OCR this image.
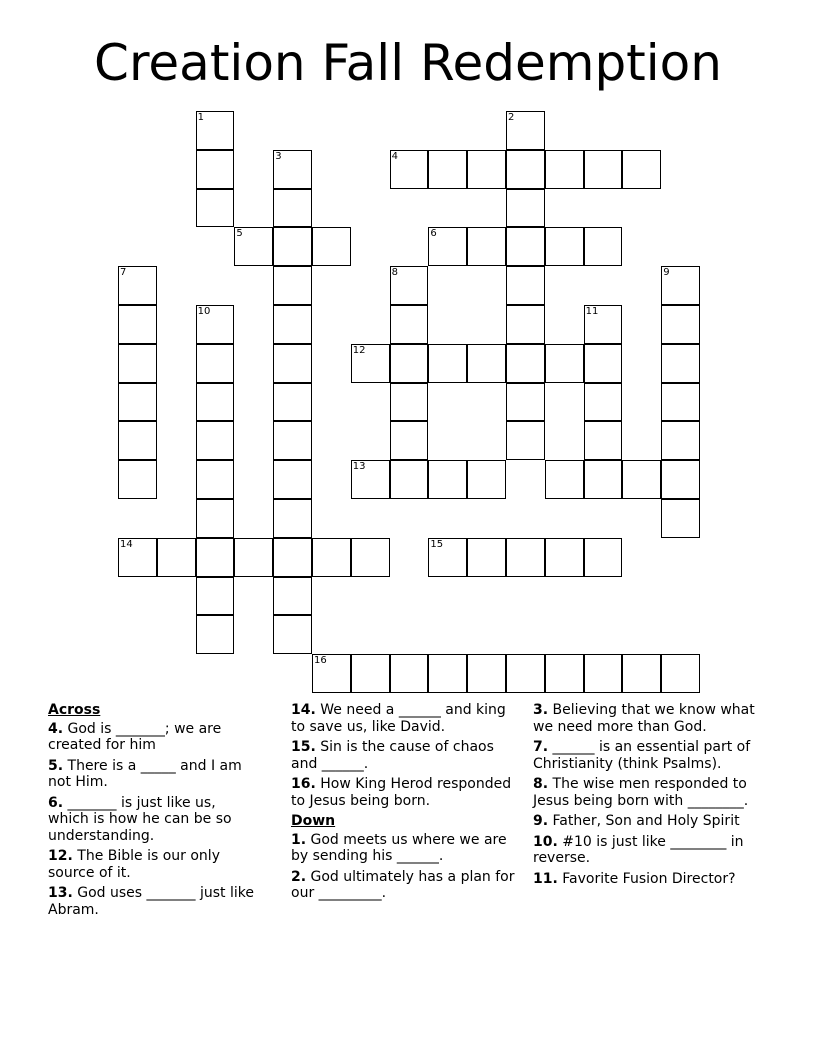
Creation Fall Redemption
1	2
3	4
5	6
7	8	9
10	11
12
13
14	15
16
Across
4. God is _______; we are created for him
5. There is a _____ and I am not Him.
6. _______ is just like us, which is how he can be so understanding.
12. The Bible is our only source of it.
13. God uses _______ just like Abram.
14. We need a ______ and king to save us, like David.
15. Sin is the cause of chaos and ______.
16. How King Herod responded to Jesus being born.
Down
1. God meets us where we are by sending his ______.
2. God ultimately has a plan for our _________.
3. Believing that we know what we need more than God.
7. ______ is an essential part of Christianity (think Psalms).
8. The wise men responded to Jesus being born with ________.
9. Father, Son and Holy Spirit
10. #10 is just like ________ in reverse.
11. Favorite Fusion Director?
